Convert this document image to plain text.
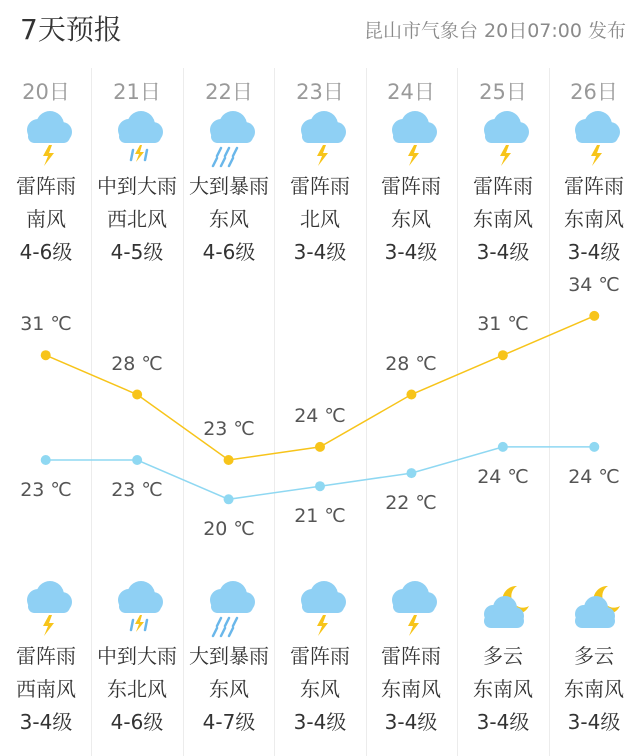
7天预报	昆山市气象台 20日07:00 发布
20日
雷阵雨
南风
4-6级
雷阵雨
西南风
3-4级
21日
中到大雨
西北风
4-5级
中到大雨
东北风
4-6级
22日
大到暴雨
东风
4-6级
大到暴雨
东风
4-7级
23日
雷阵雨
北风
3-4级
雷阵雨
东风
3-4级
24日
雷阵雨
东风
3-4级
雷阵雨
东南风
3-4级
25日
雷阵雨
东南风
3-4级
多云
东南风
3-4级
26日
雷阵雨
东南风
3-4级
多云
东南风
3-4级
31 ℃
23 ℃
28 ℃
23 ℃
23 ℃
20 ℃
24 ℃
21 ℃
28 ℃
22 ℃
31 ℃
24 ℃
34 ℃
24 ℃
